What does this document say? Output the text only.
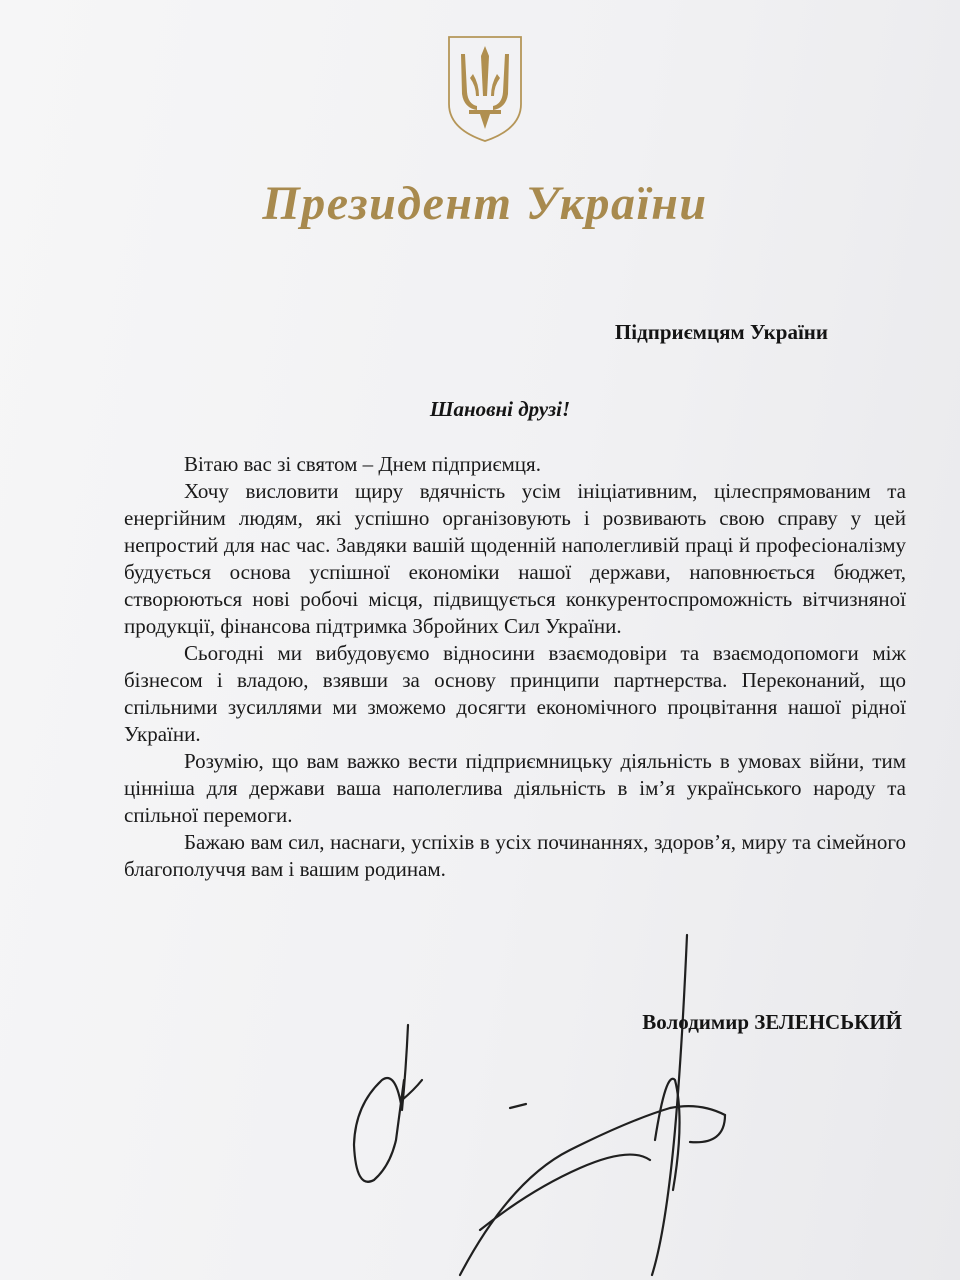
Президент України
Підприємцям України
Шановні друзі!

Вітаю вас зі святом – Днем підприємця.

Хочу висловити щиру вдячність усім ініціативним, цілеспрямованим та енергійним людям, які успішно організовують і розвивають свою справу у цей непростий для нас час. Завдяки вашій щоденній наполегливій праці й професіоналізму будується основа успішної економіки нашої держави, наповнюється бюджет, створюються нові робочі місця, підвищується конкурентоспроможність вітчизняної продукції, фінансова підтримка Збройних Сил України.

Сьогодні ми вибудовуємо відносини взаємодовіри та взаємодопомоги між бізнесом і владою, взявши за основу принципи партнерства. Переконаний, що спільними зусиллями ми зможемо досягти економічного процвітання нашої рідної України.

Розумію, що вам важко вести підприємницьку діяльність в умовах війни, тим цінніша для держави ваша наполеглива діяльність в ім’я українського народу та спільної перемоги.

Бажаю вам сил, наснаги, успіхів в усіх починаннях, здоров’я, миру та сімейного благополуччя вам і вашим родинам.

Володимир ЗЕЛЕНСЬКИЙ
